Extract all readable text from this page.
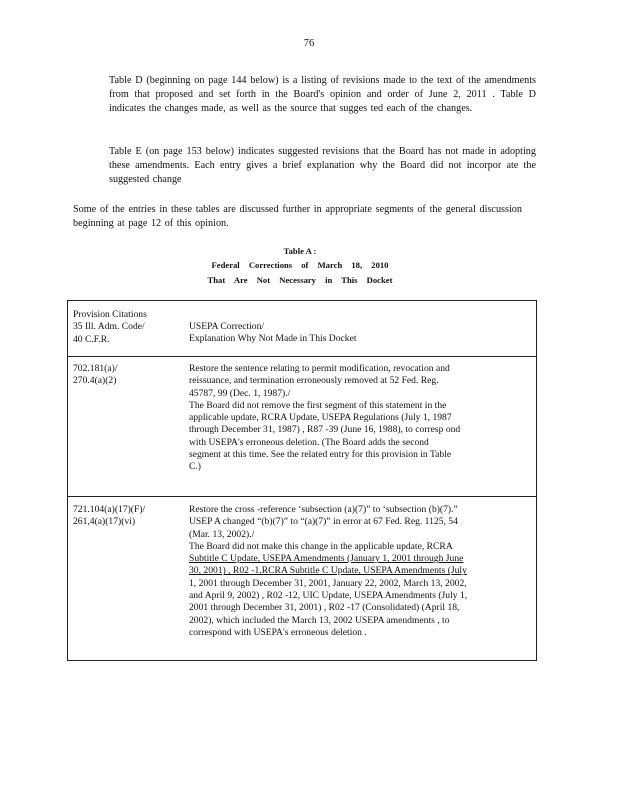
76
Table D (beginning on page 144 below) is a listing of revisions made to the text of the amendments from that proposed and set forth in the Board's opinion and order of June 2, 2011 . Table D indicates the changes made, as well as the source that sugges ted each of the changes.
Table E (on page 153 below) indicates suggested revisions that the Board has not made in adopting these amendments. Each entry gives a brief explanation why the Board did not incorpor ate the suggested change
Some of the entries in these tables are discussed further in appropriate segments of the general discussion beginning at page 12 of this opinion.
Table A :
Federal Corrections of March 18, 2010
That Are Not Necessary in This Docket
Provision Citations
35 Ill. Adm. Code/
40 C.F.R.
USEPA Correction/
Explanation Why Not Made in This Docket
702.181(a)/
270.4(a)(2)
Restore the sentence relating to permit modification, revocation and
reissuance, and termination erroneously removed at 52 Fed. Reg.
45787, 99 (Dec. 1, 1987)./
The Board did not remove the first segment of this statement in the
applicable update, RCRA Update, USEPA Regulations (July 1, 1987
through December 31, 1987) , R87 -39 (June 16, 1988), to corresp ond
with USEPA's erroneous deletion. (The Board adds the second
segment at this time. See the related entry for this provision in Table
C.)
721.104(a)(17)(F)/
261,4(a)(17)(vi)
Restore the cross -reference ‘subsection (a)(7)” to ‘subsection (b)(7).”
USEP A changed “(b)(7)” to “(a)(7)” in error at 67 Fed. Reg. 1125, 54
(Mar. 13, 2002)./
The Board did not make this change in the applicable update, RCRA
Subtitle C Update, USEPA Amendments (January 1, 2001 through June
30, 2001) , R02 -1,RCRA Subtitle C Update, USEPA Amendments (July
1, 2001 through December 31, 2001, January 22, 2002, March 13, 2002,
and April 9, 2002) , R02 -12, UIC Update, USEPA Amendments (July 1,
2001 through December 31, 2001) , R02 -17 (Consolidated) (April 18,
2002), which included the March 13, 2002 USEPA amendments , to
correspond with USEPA's erroneous deletion .
